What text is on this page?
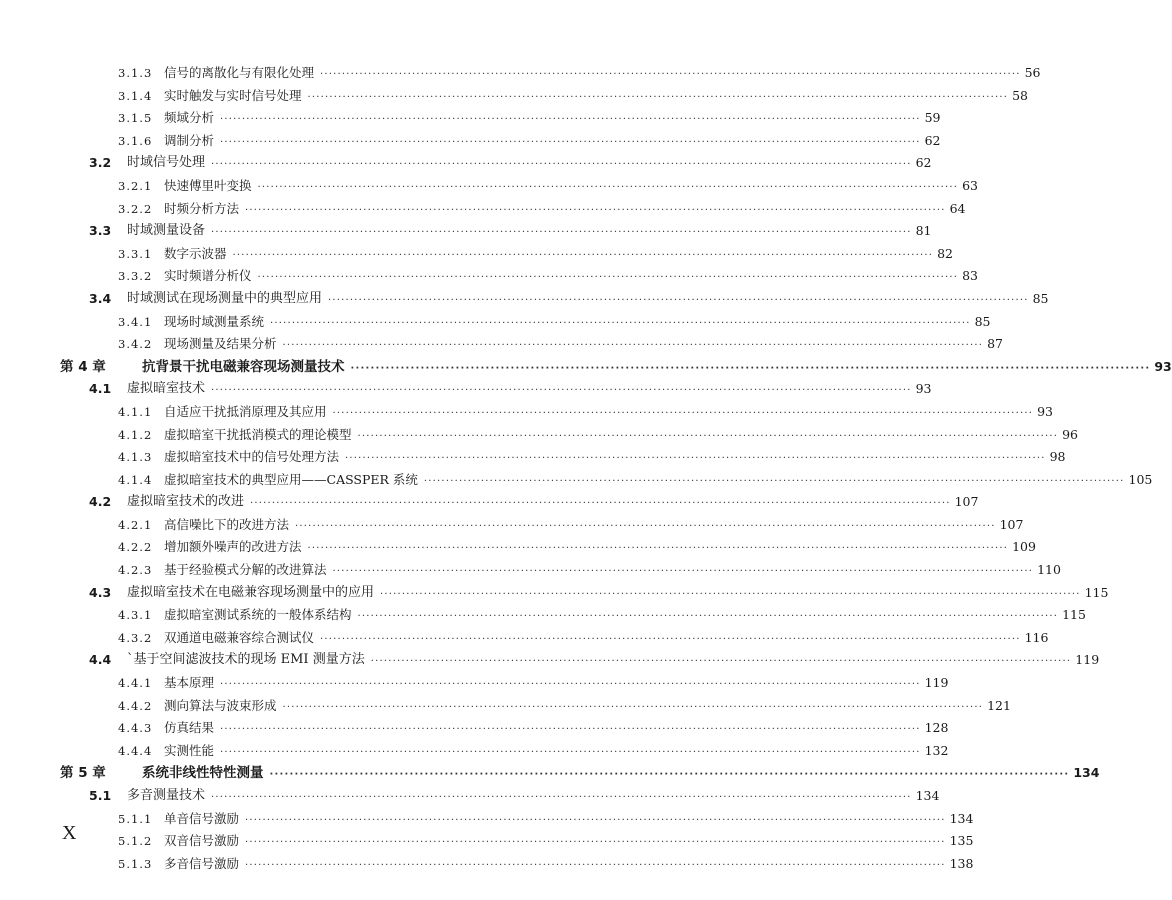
3.1.3 信号的离散化与有限化处理 ································································································································································ 56
3.1.4 实时触发与实时信号处理 ································································································································································ 58
3.1.5 频域分析 ································································································································································ 59
3.1.6 调制分析 ································································································································································ 62
3.2	时域信号处理 ································································································································································ 62
3.2.1 快速傅里叶变换 ································································································································································ 63
3.2.2 时频分析方法 ································································································································································ 64
3.3	时域测量设备 ································································································································································ 81
3.3.1 数字示波器 ································································································································································ 82
3.3.2 实时频谱分析仪 ································································································································································ 83
3.4	时域测试在现场测量中的典型应用 ································································································································································ 85
3.4.1 现场时域测量系统 ································································································································································ 85
3.4.2 现场测量及结果分析 ································································································································································ 87
第 4 章	抗背景干扰电磁兼容现场测量技术 ································································································································································ 93
4.1	虚拟暗室技术 ································································································································································ 93
4.1.1 自适应干扰抵消原理及其应用 ································································································································································ 93
4.1.2 虚拟暗室干扰抵消模式的理论模型 ································································································································································ 96
4.1.3 虚拟暗室技术中的信号处理方法 ································································································································································ 98
4.1.4 虚拟暗室技术的典型应用——CASSPER 系统 ································································································································································ 105
4.2	虚拟暗室技术的改进 ································································································································································ 107
4.2.1 高信噪比下的改进方法 ································································································································································ 107
4.2.2 增加额外噪声的改进方法 ································································································································································ 109
4.2.3 基于经验模式分解的改进算法 ································································································································································ 110
4.3	虚拟暗室技术在电磁兼容现场测量中的应用 ································································································································································ 115
4.3.1 虚拟暗室测试系统的一般体系结构 ································································································································································ 115
4.3.2 双通道电磁兼容综合测试仪 ································································································································································ 116
4.4	`基于空间滤波技术的现场 EMI 测量方法 ································································································································································ 119
4.4.1 基本原理 ································································································································································ 119
4.4.2 测向算法与波束形成 ································································································································································ 121
4.4.3 仿真结果 ································································································································································ 128
4.4.4 实测性能 ································································································································································ 132
第 5 章	系统非线性特性测量 ································································································································································ 134
5.1	多音测量技术 ································································································································································ 134
5.1.1 单音信号激励 ································································································································································ 134
5.1.2 双音信号激励 ································································································································································ 135
5.1.3 多音信号激励 ································································································································································ 138
X
